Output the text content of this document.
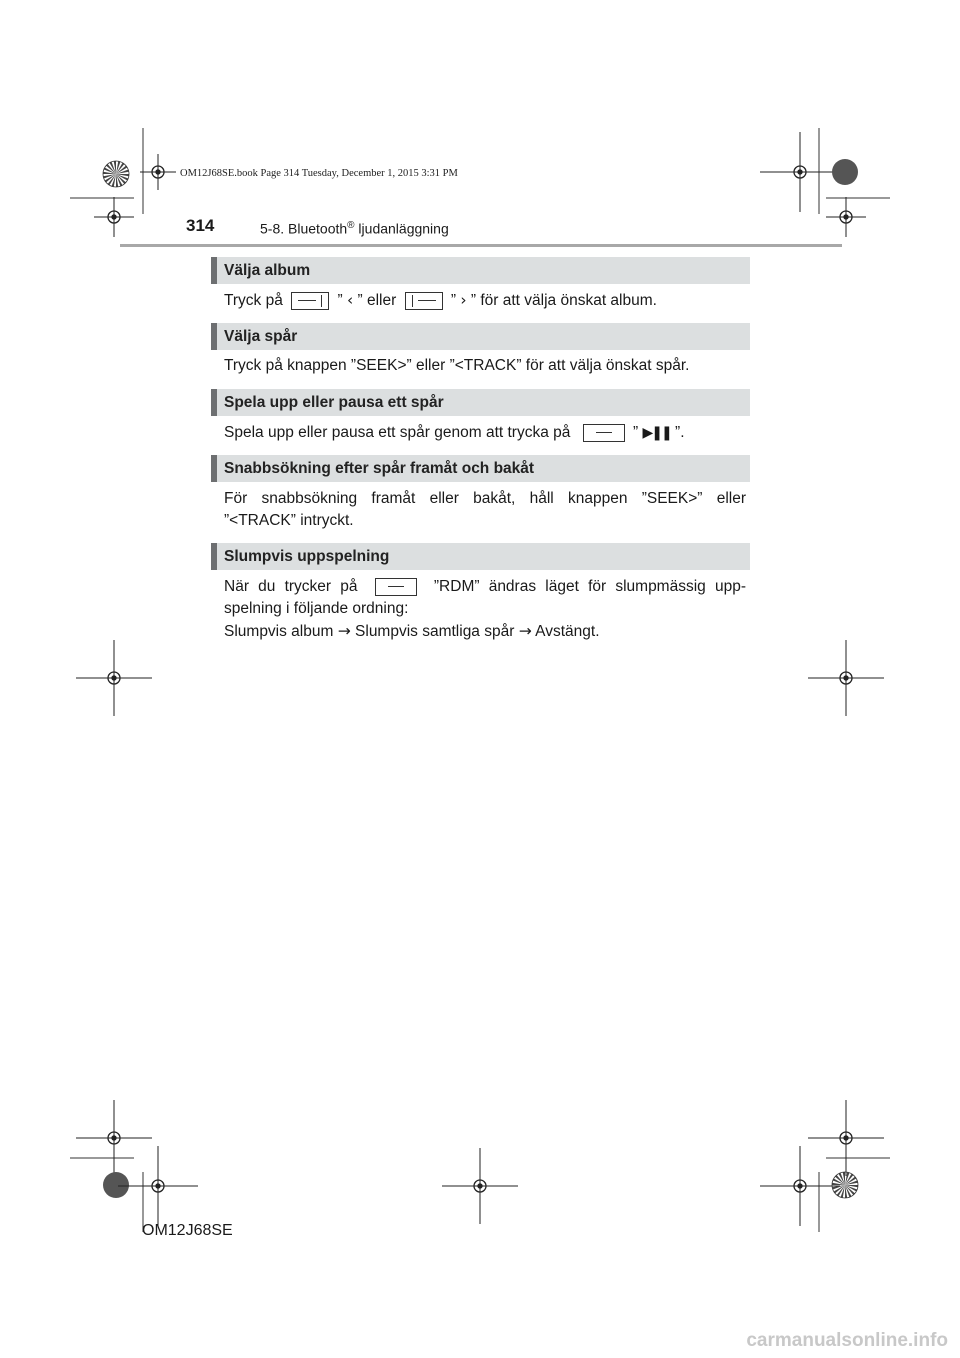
OM12J68SE.book Page 314 Tuesday, December 1, 2015 3:31 PM
314	5-8. Bluetooth® ljudanläggning
Välja album
Tryck på	” ‹ ” eller	” › ” för att välja önskat album.
Välja spår
Tryck på knappen ”SEEK>” eller ”<TRACK” för att välja önskat spår.
Spela upp eller pausa ett spår
Spela upp eller pausa ett spår genom att trycka på	” ▶❚❚ ”.
Snabbsökning efter spår framåt och bakåt
För snabbsökning framåt eller bakåt, håll knappen ”SEEK>” eller
”<TRACK” intryckt.
Slumpvis uppspelning
När du trycker på	”RDM” ändras läget för slumpmässig upp-
spelning i följande ordning:
Slumpvis album → Slumpvis samtliga spår → Avstängt.
OM12J68SE
carmanualsonline.info
